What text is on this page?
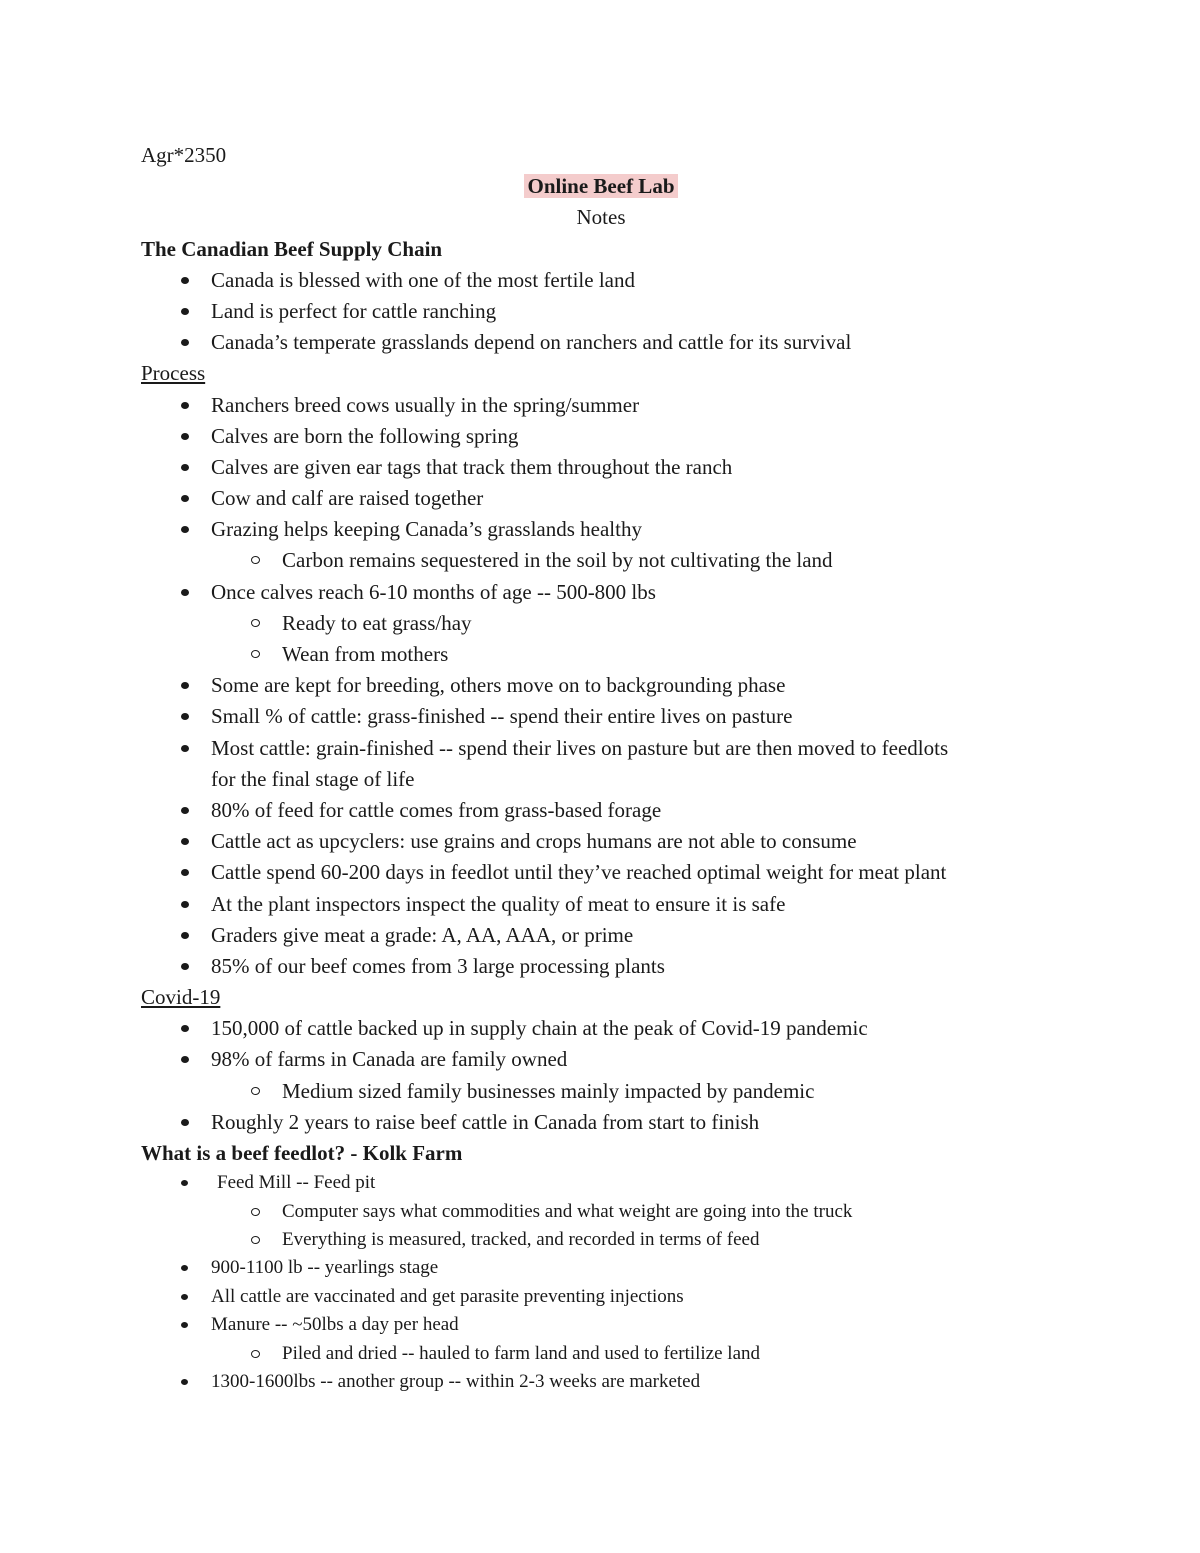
Agr*2350
Online Beef Lab
Notes
The Canadian Beef Supply Chain
Canada is blessed with one of the most fertile land
Land is perfect for cattle ranching
Canada’s temperate grasslands depend on ranchers and cattle for its survival
Process
Ranchers breed cows usually in the spring/summer
Calves are born the following spring
Calves are given ear tags that track them throughout the ranch
Cow and calf are raised together
Grazing helps keeping Canada’s grasslands healthy
Carbon remains sequestered in the soil by not cultivating the land
Once calves reach 6-10 months of age -- 500-800 lbs
Ready to eat grass/hay
Wean from mothers
Some are kept for breeding, others move on to backgrounding phase
Small % of cattle: grass-finished -- spend their entire lives on pasture
Most cattle: grain-finished -- spend their lives on pasture but are then moved to feedlots
for the final stage of life
80% of feed for cattle comes from grass-based forage
Cattle act as upcyclers: use grains and crops humans are not able to consume
Cattle spend 60-200 days in feedlot until they’ve reached optimal weight for meat plant
At the plant inspectors inspect the quality of meat to ensure it is safe
Graders give meat a grade: A, AA, AAA, or prime
85% of our beef comes from 3 large processing plants
Covid-19
150,000 of cattle backed up in supply chain at the peak of Covid-19 pandemic
98% of farms in Canada are family owned
Medium sized family businesses mainly impacted by pandemic
Roughly 2 years to raise beef cattle in Canada from start to finish
What is a beef feedlot? - Kolk Farm
Feed Mill -- Feed pit
Computer says what commodities and what weight are going into the truck
Everything is measured, tracked, and recorded in terms of feed
900-1100 lb -- yearlings stage
All cattle are vaccinated and get parasite preventing injections
Manure -- ~50lbs a day per head
Piled and dried -- hauled to farm land and used to fertilize land
1300-1600lbs -- another group -- within 2-3 weeks are marketed
